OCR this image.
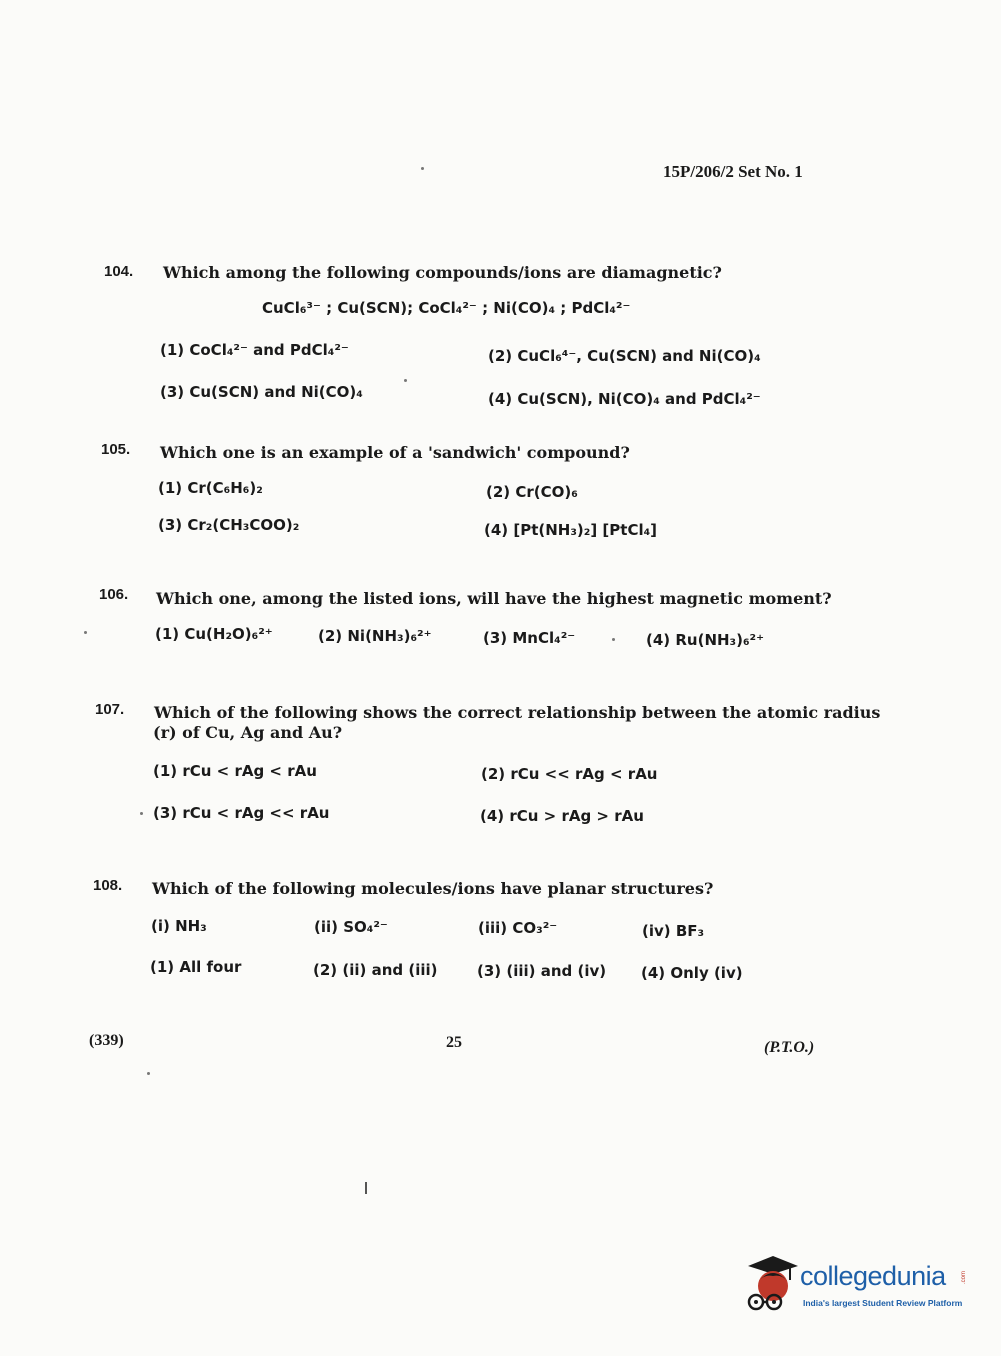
15P/206/2 Set No. 1
104. Which among the following compounds/ions are diamagnetic?
CuCl₆³⁻ ; Cu(SCN); CoCl₄²⁻ ; Ni(CO)₄ ; PdCl₄²⁻
(1) CoCl₄²⁻ and PdCl₄²⁻	(2) CuCl₆⁴⁻, Cu(SCN) and Ni(CO)₄
(3) Cu(SCN) and Ni(CO)₄	(4) Cu(SCN), Ni(CO)₄ and PdCl₄²⁻
105. Which one is an example of a 'sandwich' compound?
(1) Cr(C₆H₆)₂	(2) Cr(CO)₆
(3) Cr₂(CH₃COO)₂	(4) [Pt(NH₃)₂] [PtCl₄]
106. Which one, among the listed ions, will have the highest magnetic moment?
(1) Cu(H₂O)₆²⁺	(2) Ni(NH₃)₆²⁺	(3) MnCl₄²⁻	(4) Ru(NH₃)₆²⁺
107. Which of the following shows the correct relationship between the atomic radius
(r) of Cu, Ag and Au?
(1) rCu < rAg < rAu	(2) rCu << rAg < rAu
(3) rCu < rAg << rAu	(4) rCu > rAg > rAu
108. Which of the following molecules/ions have planar structures?
(i) NH₃	(ii) SO₄²⁻	(iii) CO₃²⁻	(iv) BF₃
(1) All four	(2) (ii) and (iii)	(3) (iii) and (iv) (4) Only (iv)
(339)	25	(P.T.O.)
collegedunia	.com
India's largest Student Review Platform
